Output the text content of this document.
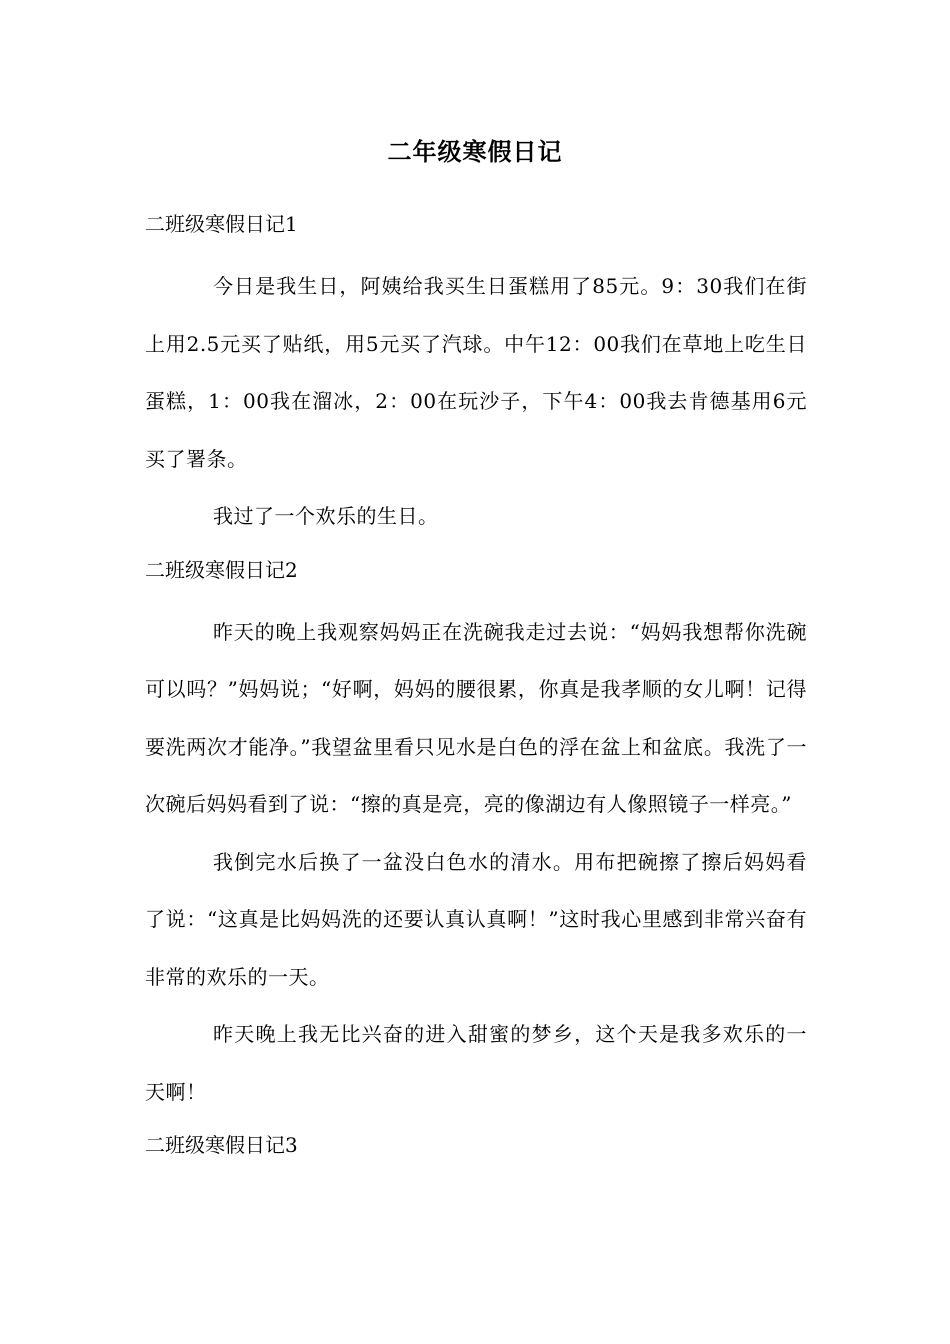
二年级寒假日记
二班级寒假日记1

今日是我生日，阿姨给我买生日蛋糕用了85元。9：30我们在街上用2.5元买了贴纸，用5元买了汽球。中午12：00我们在草地上吃生日蛋糕，1：00我在溜冰，2：00在玩沙子，下午4：00我去肯德基用6元买了署条。

我过了一个欢乐的生日。

二班级寒假日记2

昨天的晚上我观察妈妈正在洗碗我走过去说：“妈妈我想帮你洗碗可以吗？”妈妈说；“好啊，妈妈的腰很累，你真是我孝顺的女儿啊！记得要洗两次才能净。”我望盆里看只见水是白色的浮在盆上和盆底。我洗了一次碗后妈妈看到了说：“擦的真是亮，亮的像湖边有人像照镜子一样亮。”

我倒完水后换了一盆没白色水的清水。用布把碗擦了擦后妈妈看了说：“这真是比妈妈洗的还要认真认真啊！”这时我心里感到非常兴奋有非常的欢乐的一天。

昨天晚上我无比兴奋的进入甜蜜的梦乡，这个天是我多欢乐的一天啊！

二班级寒假日记3
